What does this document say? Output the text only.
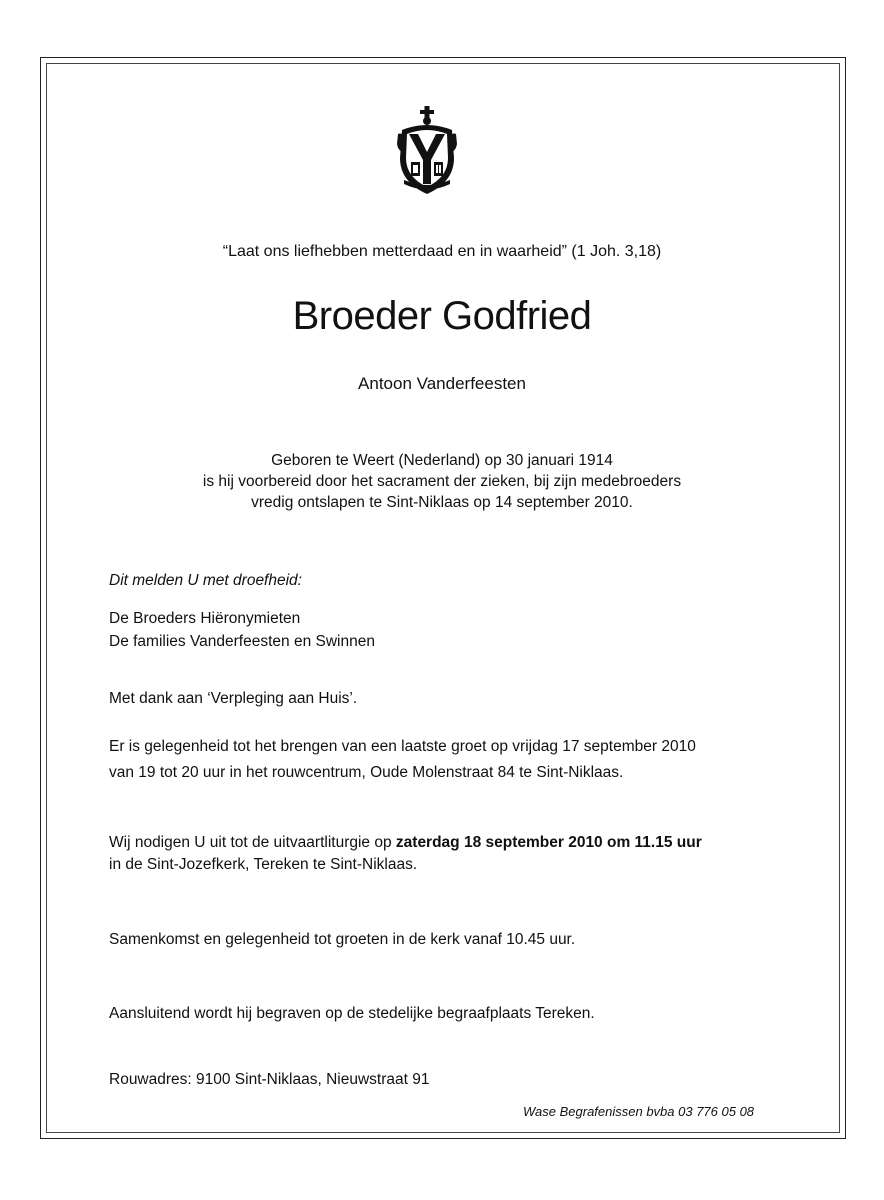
“Laat ons liefhebben metterdaad en in waarheid” (1 Joh. 3,18)
Broeder Godfried
Antoon Vanderfeesten
Geboren te Weert (Nederland) op 30 januari 1914
is hij voorbereid door het sacrament der zieken, bij zijn medebroeders
vredig ontslapen te Sint-Niklaas op 14 september 2010.
Dit melden U met droefheid:
De Broeders Hiëronymieten
De families Vanderfeesten en Swinnen
Met dank aan ‘Verpleging aan Huis’.
Er is gelegenheid tot het brengen van een laatste groet op vrijdag 17 september 2010
van 19 tot 20 uur in het rouwcentrum, Oude Molenstraat 84 te Sint-Niklaas.
Wij nodigen U uit tot de uitvaartliturgie op zaterdag 18 september 2010 om 11.15 uur
in de Sint-Jozefkerk, Tereken te Sint-Niklaas.
Samenkomst en gelegenheid tot groeten in de kerk vanaf 10.45 uur.
Aansluitend wordt hij begraven op de stedelijke begraafplaats Tereken.
Rouwadres: 9100 Sint-Niklaas, Nieuwstraat 91
Wase Begrafenissen bvba 03 776 05 08
